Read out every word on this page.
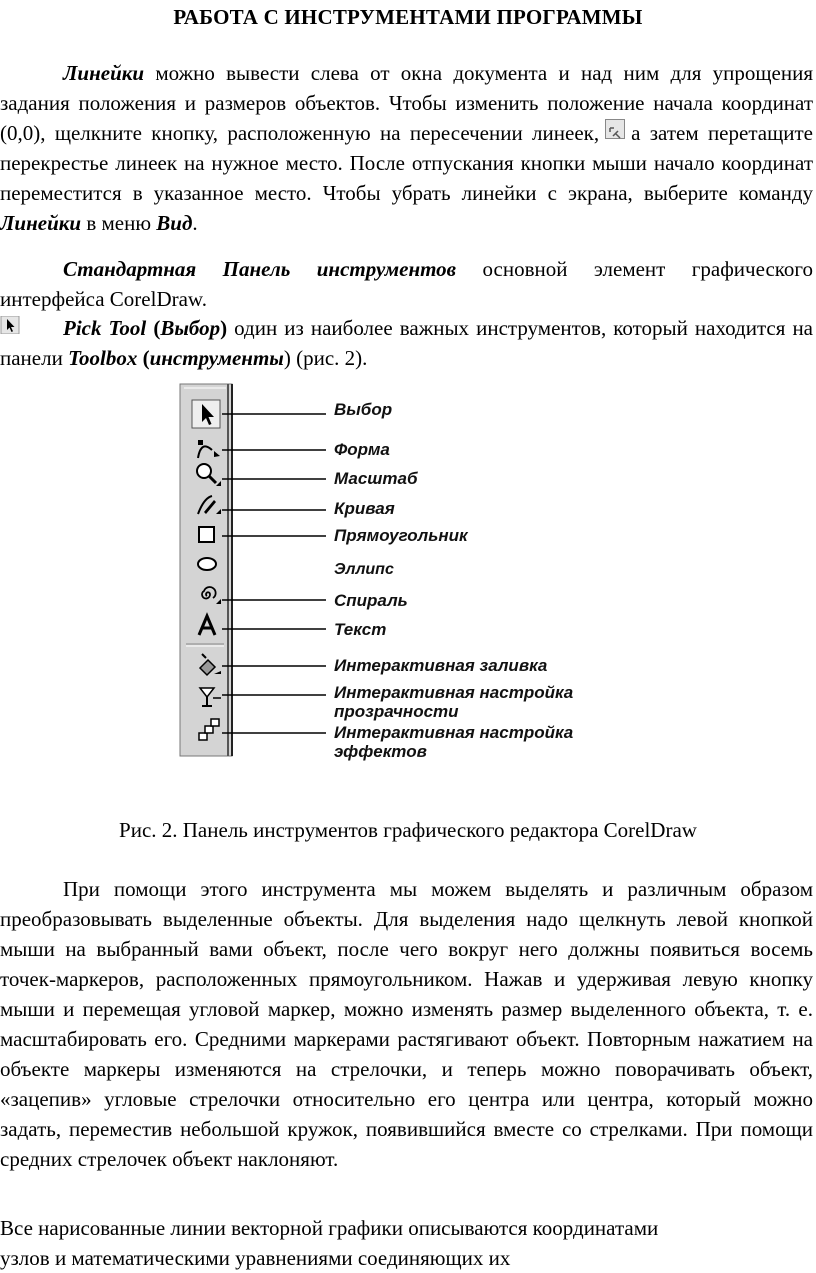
РАБОТА С ИНСТРУМЕНТАМИ ПРОГРАММЫ
Линейки можно вывести слева от окна документа и над ним для упрощения задания положения и размеров объектов. Чтобы изменить положение начала координат (0,0), щелкните кнопку, расположенную на пересечении линеек, а затем перетащите перекрестье линеек на нужное место. После отпускания кнопки мыши начало координат переместится в указанное место. Чтобы убрать линейки с экрана, выберите команду Линейки в меню Вид.
Стандартная Панель инструментов основной элемент графического интерфейса CorelDraw.
Pick Tool (Выбор) один из наиболее важных инструментов, который находится на панели Toolbox (инструменты) (рис. 2).
Выбор
Форма
Масштаб
Кривая
Прямоугольник
Эллипс
Спираль
Текст
Интерактивная заливка
Интерактивная настройка
прозрачности
Интерактивная настройка
эффектов
Рис. 2. Панель инструментов графического редактора CorelDraw
При помощи этого инструмента мы можем выделять и различным образом преобразовывать выделенные объекты. Для выделения надо щелкнуть левой кнопкой мыши на выбранный вами объект, после чего вокруг него должны появиться восемь точек-маркеров, расположенных прямоугольником. Нажав и удерживая левую кнопку мыши и перемещая угловой маркер, можно изменять размер выделенного объекта, т. е. масштабировать его. Средними маркерами растягивают объект. Повторным нажатием на объекте маркеры изменяются на стрелочки, и теперь можно поворачивать объект, «зацепив» угловые стрелочки относительно его центра или центра, который можно задать, переместив небольшой кружок, появившийся вместе со стрелками. При помощи средних стрелочек объект наклоняют.
Все нарисованные линии векторной графики описываются координатами
узлов и математическими уравнениями соединяющих их
